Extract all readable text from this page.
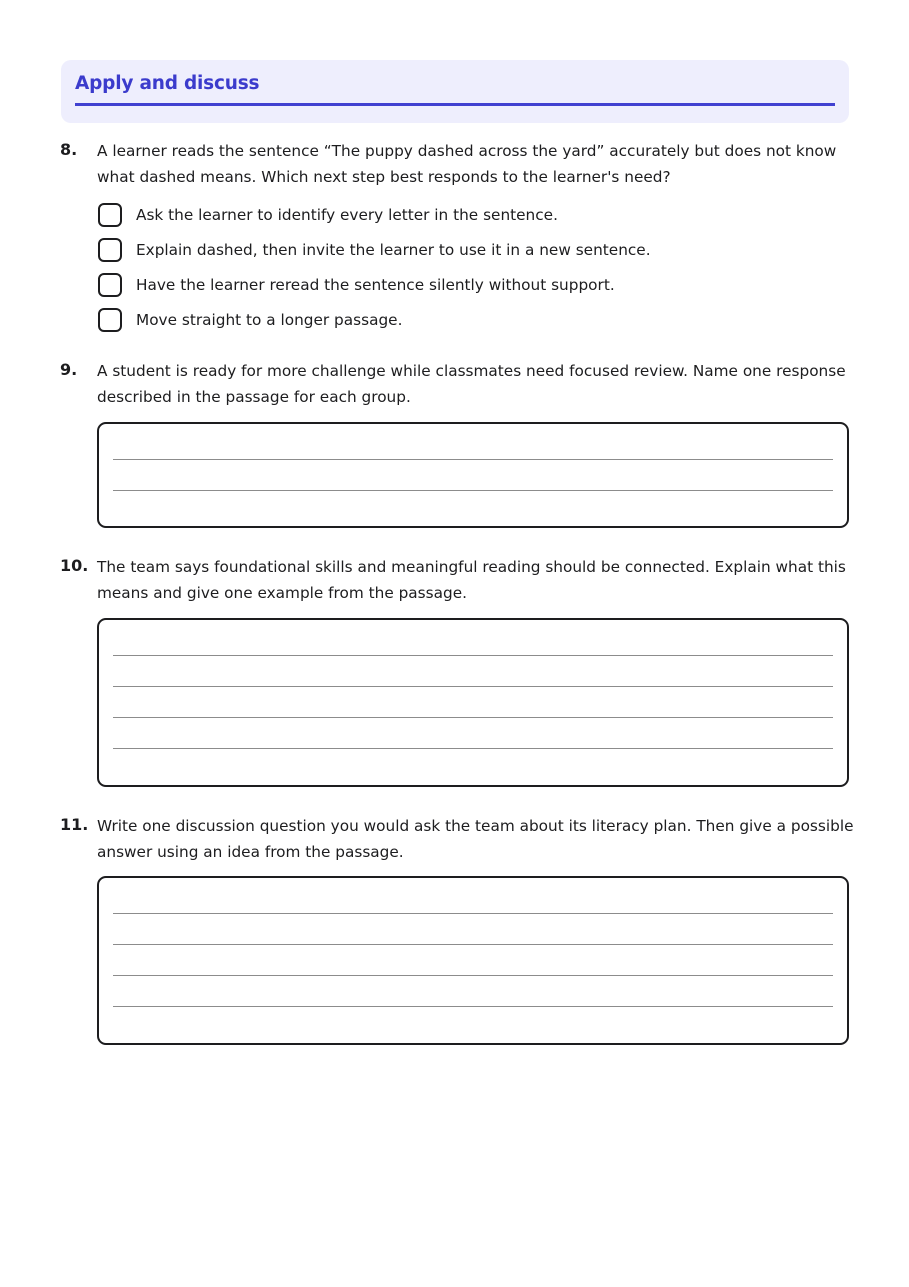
Apply and discuss
8. A learner reads the sentence “The puppy dashed across the yard” accurately but does not know what dashed means. Which next step best responds to the learner's need?
Ask the learner to identify every letter in the sentence.
Explain dashed, then invite the learner to use it in a new sentence.
Have the learner reread the sentence silently without support.
Move straight to a longer passage.
9. A student is ready for more challenge while classmates need focused review. Name one response described in the passage for each group.
10. The team says foundational skills and meaningful reading should be connected. Explain what this means and give one example from the passage.
11. Write one discussion question you would ask the team about its literacy plan. Then give a possible answer using an idea from the passage.
